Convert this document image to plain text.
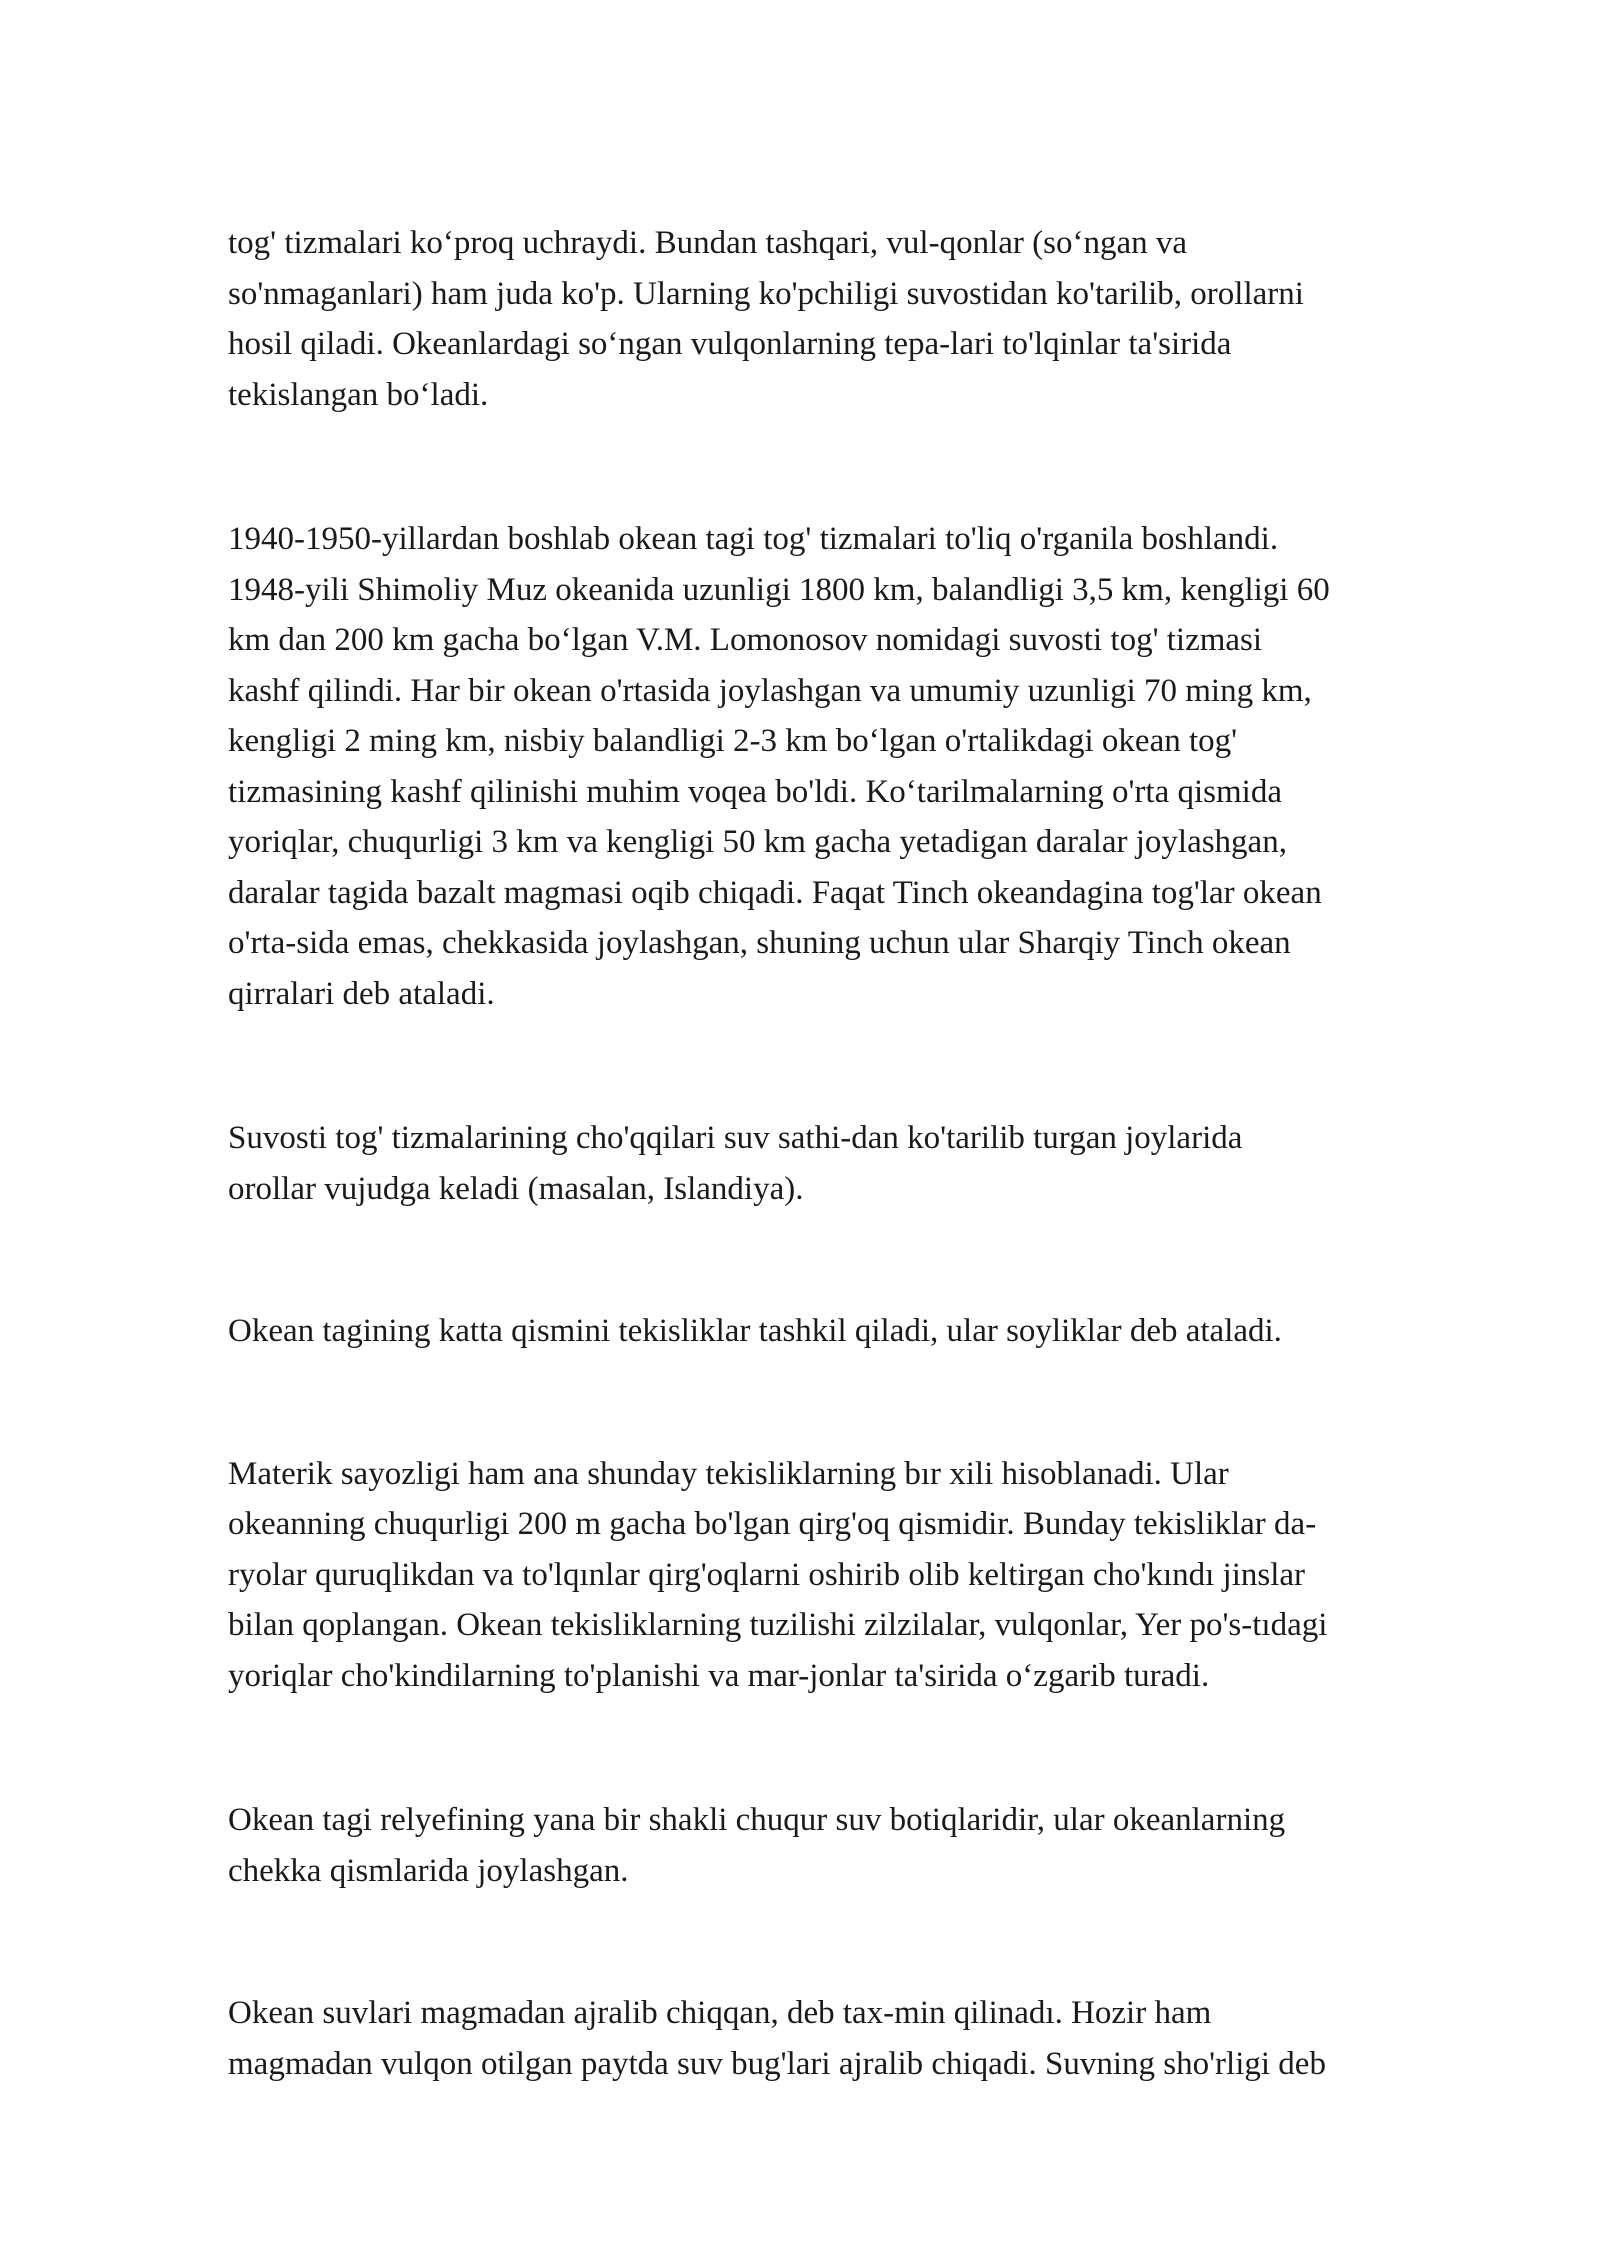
tog' tizmalari ko‘proq uchraydi. Bundan tashqari, vul-qonlar (so‘ngan va
so'nmaganlari) ham juda ko'p. Ularning ko'pchiligi suvostidan ko'tarilib, orollarni
hosil qiladi. Okeanlardagi so‘ngan vulqonlarning tepa-lari to'lqinlar ta'sirida
tekislangan bo‘ladi.

1940-1950-yillardan boshlab okean tagi tog' tizmalari to'liq o'rganila boshlandi.
1948-yili Shimoliy Muz okeanida uzunligi 1800 km, balandligi 3,5 km, kengligi 60
km dan 200 km gacha bo‘lgan V.M. Lomonosov nomidagi suvosti tog' tizmasi
kashf qilindi. Har bir okean o'rtasida joylashgan va umumiy uzunligi 70 ming km,
kengligi 2 ming km, nisbiy balandligi 2-3 km bo‘lgan o'rtalikdagi okean tog'
tizmasining kashf qilinishi muhim voqea bo'ldi. Ko‘tarilmalarning o'rta qismida
yoriqlar, chuqurligi 3 km va kengligi 50 km gacha yetadigan daralar joylashgan,
daralar tagida bazalt magmasi oqib chiqadi. Faqat Tinch okeandagina tog'lar okean
o'rta-sida emas, chekkasida joylashgan, shuning uchun ular Sharqiy Tinch okean
qirralari deb ataladi.

Suvosti tog' tizmalarining cho'qqilari suv sathi-dan ko'tarilib turgan joylarida
orollar vujudga keladi (masalan, Islandiya).

Okean tagining katta qismini tekisliklar tashkil qiladi, ular soyliklar deb ataladi.

Materik sayozligi ham ana shunday tekisliklarning bır xili hisoblanadi. Ular
okeanning chuqurligi 200 m gacha bo'lgan qirg'oq qismidir. Bunday tekisliklar da-
ryolar quruqlikdan va to'lqınlar qirg'oqlarni oshirib olib keltirgan cho'kındı jinslar
bilan qoplangan. Okean tekisliklarning tuzilishi zilzilalar, vulqonlar, Yer po's-tıdagi
yoriqlar cho'kindilarning to'planishi va mar-jonlar ta'sirida o‘zgarib turadi.

Okean tagi relyefining yana bir shakli chuqur suv botiqlaridir, ular okeanlarning
chekka qismlarida joylashgan.

Okean suvlari magmadan ajralib chiqqan, deb tax-min qilinadı. Hozir ham
magmadan vulqon otilgan paytda suv bug'lari ajralib chiqadi. Suvning sho'rligi deb
